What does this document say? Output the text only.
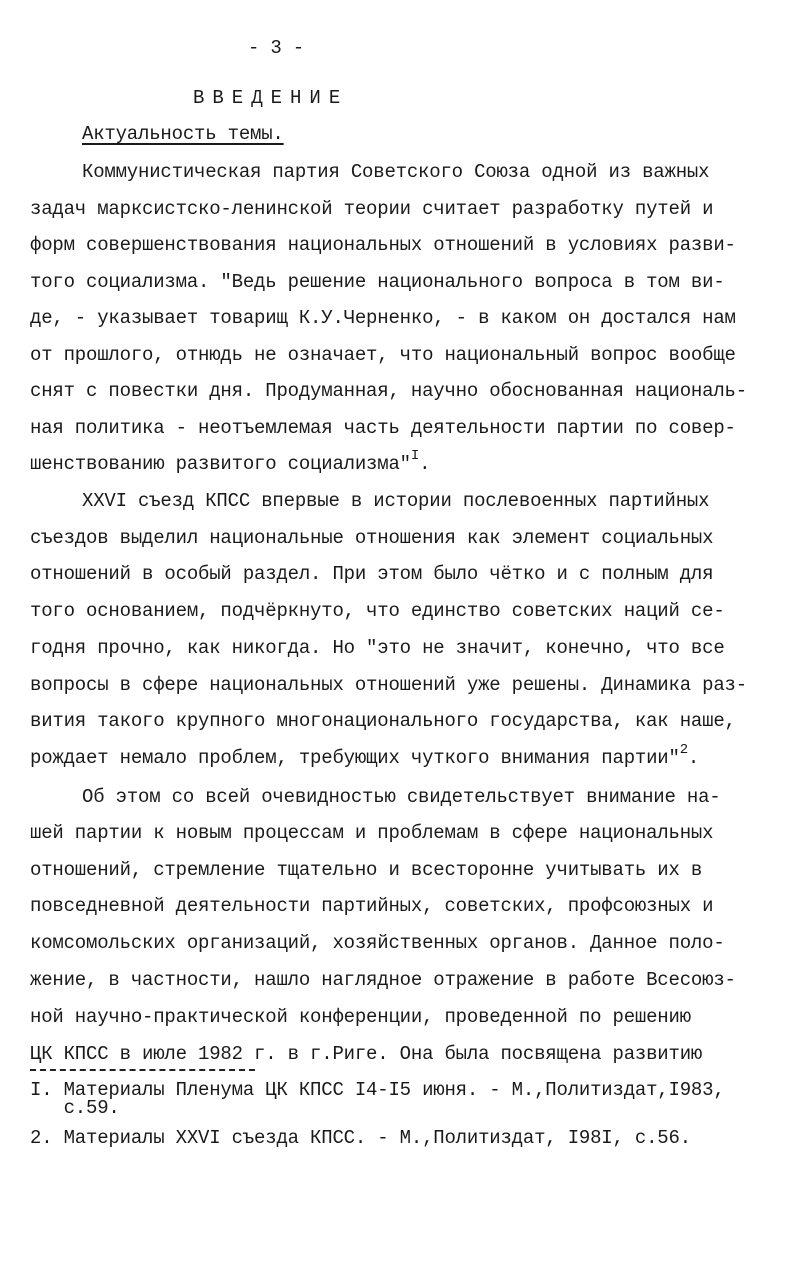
- 3 -
ВВЕДЕНИЕ
Актуальность темы.
Коммунистическая партия Советского Союза одной из важных
задач марксистско-ленинской теории считает разработку путей и
форм совершенствования национальных отношений в условиях разви-
того социализма. "Ведь решение национального вопроса в том ви-
де, - указывает товарищ К.У.Черненко, - в каком он достался нам
от прошлого, отнюдь не означает, что национальный вопрос вообще
снят с повестки дня. Продуманная, научно обоснованная националь-
ная политика - неотъемлемая часть деятельности партии по совер-
шенствованию развитого социализма"$^I$.
XXVI съезд КПСС впервые в истории послевоенных партийных
съездов выделил национальные отношения как элемент социальных
отношений в особый раздел. При этом было чётко и с полным для
того основанием, подчёркнуто, что единство советских наций се-
годня прочно, как никогда. Но "это не значит, конечно, что все
вопросы в сфере национальных отношений уже решены. Динамика раз-
вития такого крупного многонационального государства, как наше,
рождает немало проблем, требующих чуткого внимания партии"$^2$.
Об этом со всей очевидностью свидетельствует внимание на-
шей партии к новым процессам и проблемам в сфере национальных
отношений, стремление тщательно и всесторонне учитывать их в
повседневной деятельности партийных, советских, профсоюзных и
комсомольских организаций, хозяйственных органов. Данное поло-
жение, в частности, нашло наглядное отражение в работе Всесоюз-
ной научно-практической конференции, проведенной по решению
ЦК КПСС в июле 1982 г. в г.Риге. Она была посвящена развитию
I. Материалы Пленума ЦК КПСС I4-I5 июня. - М.,Политиздат,I983,
с.59.
2. Материалы XXVI съезда КПСС. - М.,Политиздат, I98I, с.56.
